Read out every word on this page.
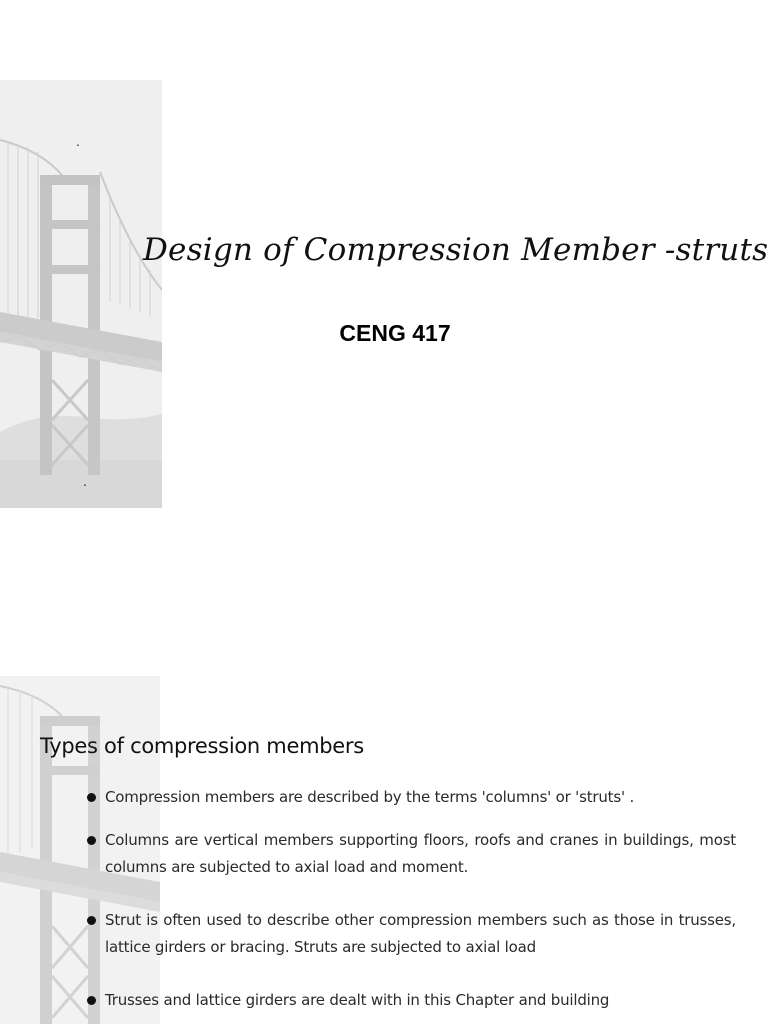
.
.
Design of Compression Member -struts

CENG 417

Types of compression members
Compression members are described by the terms 'columns' or 'struts' .
Columns are vertical members supporting floors, roofs and cranes in buildings, most columns are subjected to axial load and moment.
Strut is often used to describe other compression members such as those in trusses, lattice girders or bracing. Struts are subjected to axial load
Trusses and lattice girders are dealt with in this Chapter and building
